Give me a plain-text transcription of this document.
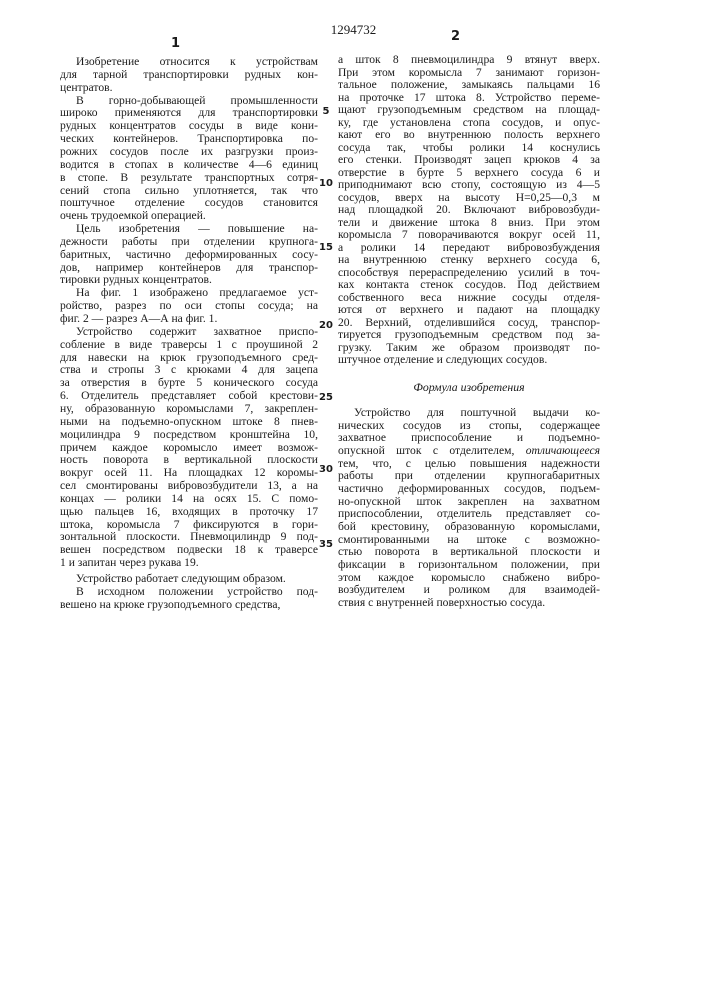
1294732
1	2
Формула изобретения
Изобретение относится к устройствам
для тарной транспортировки рудных кон-
центратов.
В горно-добывающей промышленности
широко применяются для транспортировки
рудных концентратов сосуды в виде кони-
ческих контейнеров. Транспортировка по-
рожних сосудов после их разгрузки произ-
водится в стопах в количестве 4—6 единиц
в стопе. В результате транспортных сотря-
сений стопа сильно уплотняется, так что
поштучное отделение сосудов становится
очень трудоемкой операцией.
Цель изобретения — повышение на-
дежности работы при отделении крупнога-
баритных, частично деформированных сосу-
дов, например контейнеров для транспор-
тировки рудных концентратов.
На фиг. 1 изображено предлагаемое уст-
ройство, разрез по оси стопы сосуда; на
фиг. 2 — разрез А—А на фиг. 1.
Устройство содержит захватное приспо-
собление в виде траверсы 1 с проушиной 2
для навески на крюк грузоподъемного сред-
ства и стропы 3 с крюками 4 для зацепа
за отверстия в бурте 5 конического сосуда
6. Отделитель представляет собой крестови-
ну, образованную коромыслами 7, закреплен-
ными на подъемно-опускном штоке 8 пнев-
моцилиндра 9 посредством кронштейна 10,
причем каждое коромысло имеет возмож-
ность поворота в вертикальной плоскости
вокруг осей 11. На площадках 12 коромы-
сел смонтированы вибровозбудители 13, а на
концах — ролики 14 на осях 15. С помо-
щью пальцев 16, входящих в проточку 17
штока, коромысла 7 фиксируются в гори-
зонтальной плоскости. Пневмоцилиндр 9 под-
вешен посредством подвески 18 к траверсе
1 и запитан через рукава 19.
Устройство работает следующим образом.
В исходном положении устройство под-
вешено на крюке грузоподъемного средства,
а шток 8 пневмоцилиндра 9 втянут вверх.
При этом коромысла 7 занимают горизон-
тальное положение, замыкаясь пальцами 16
на проточке 17 штока 8. Устройство переме-
щают грузоподъемным средством на площад-
ку, где установлена стопа сосудов, и опус-
кают его во внутреннюю полость верхнего
сосуда так, чтобы ролики 14 коснулись
его стенки. Производят зацеп крюков 4 за
отверстие в бурте 5 верхнего сосуда 6 и
приподнимают всю стопу, состоящую из 4—5
сосудов, вверх на высоту Н=0,25—0,3 м
над площадкой 20. Включают вибровозбуди-
тели и движение штока 8 вниз. При этом
коромысла 7 поворачиваются вокруг осей 11,
а ролики 14 передают вибровозбуждения
на внутреннюю стенку верхнего сосуда 6,
способствуя перераспределению усилий в точ-
ках контакта стенок сосудов. Под действием
собственного веса нижние сосуды отделя-
ются от верхнего и падают на площадку
20. Верхний, отделившийся сосуд, транспор-
тируется грузоподъемным средством под за-
грузку. Таким же образом производят по-
штучное отделение и следующих сосудов.
Устройство для поштучной выдачи ко-
нических сосудов из стопы, содержащее
захватное приспособление и подъемно-
опускной шток с отделителем, отличающееся
тем, что, с целью повышения надежности
работы при отделении крупногабаритных
частично деформированных сосудов, подъем-
но-опускной шток закреплен на захватном
приспособлении, отделитель представляет со-
бой крестовину, образованную коромыслами,
смонтированными на штоке с возможно-
стью поворота в вертикальной плоскости и
фиксации в горизонтальном положении, при
этом каждое коромысло снабжено вибро-
возбудителем и роликом для взаимодей-
ствия с внутренней поверхностью сосуда.
5
10
15
20
25
30
35
